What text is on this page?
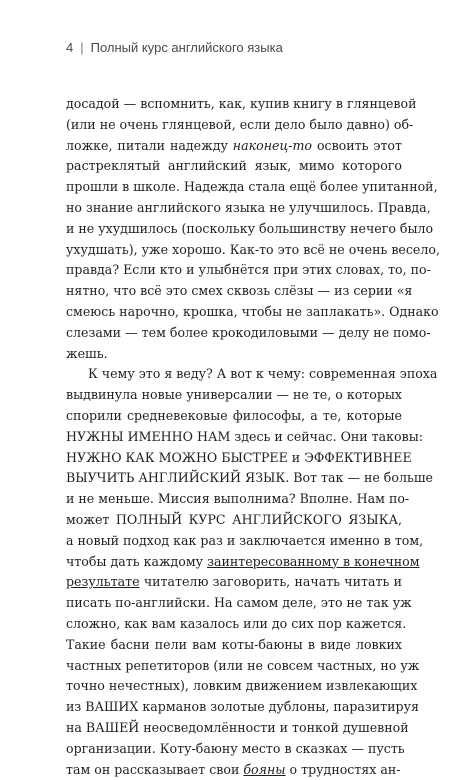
4 | Полный курс английского языка
досадой — вспомнить, как, купив книгу в глянцевой
(или не очень глянцевой, если дело было давно) об-
ложке, питали надежду наконец-то освоить этот
растреклятый английский язык, мимо которого
прошли в школе. Надежда стала ещё более упитанной,
но знание английского языка не улучшилось. Правда,
и не ухудшилось (поскольку большинству нечего было
ухудшать), уже хорошо. Как-то это всё не очень весело,
правда? Если кто и улыбнётся при этих словах, то, по-
нятно, что всё это смех сквозь слёзы — из серии «я
смеюсь нарочно, крошка, чтобы не заплакать». Однако
слезами — тем более крокодиловыми — делу не помо-
жешь.
К чему это я веду? А вот к чему: современная эпоха
выдвинула новые универсалии — не те, о которых
спорили средневековые философы, а те, которые
НУЖНЫ ИМЕННО НАМ здесь и сейчас. Они таковы:
НУЖНО КАК МОЖНО БЫСТРЕЕ и ЭФФЕКТИВНЕЕ
ВЫУЧИТЬ АНГЛИЙСКИЙ ЯЗЫК. Вот так — не больше
и не меньше. Миссия выполнима? Вполне. Нам по-
может ПОЛНЫЙ КУРС АНГЛИЙСКОГО ЯЗЫКА,
а новый подход как раз и заключается именно в том,
чтобы дать каждому заинтересованному в конечном
результате читателю заговорить, начать читать и
писать по-английски. На самом деле, это не так уж
сложно, как вам казалось или до сих пор кажется.
Такие басни пели вам коты-баюны в виде ловких
частных репетиторов (или не совсем частных, но уж
точно нечестных), ловким движением извлекающих
из ВАШИХ карманов золотые дублоны, паразитируя
на ВАШЕЙ неосведомлённости и тонкой душевной
организации. Коту-баюну место в сказках — пусть
там он рассказывает свои бояны о трудностях ан-
